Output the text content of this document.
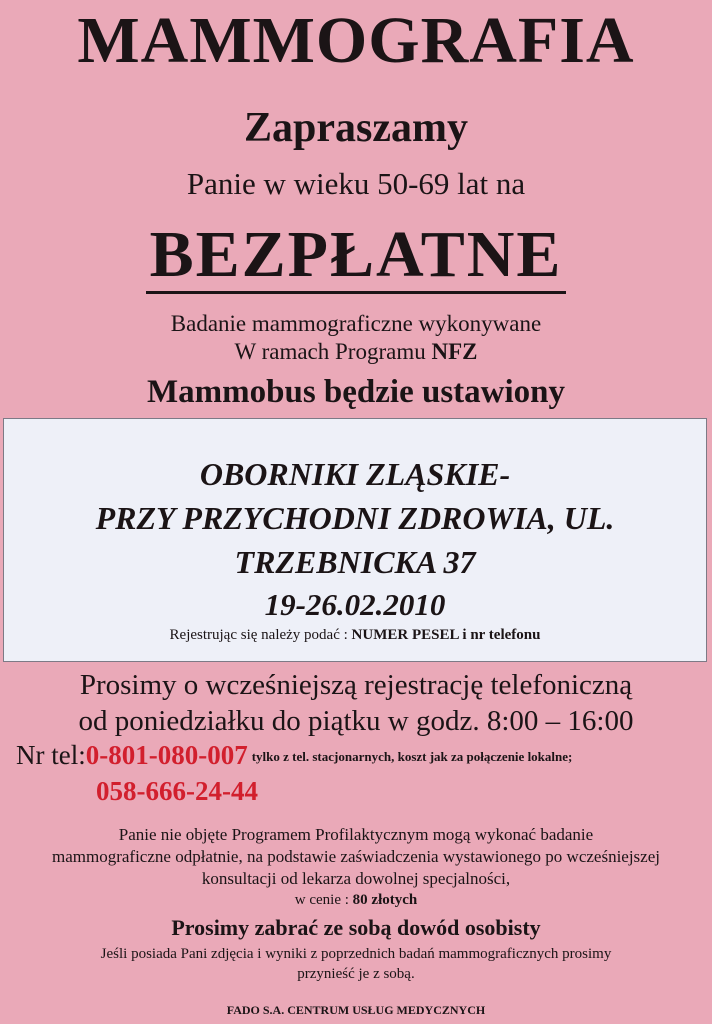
MAMMOGRAFIA
Zapraszamy
Panie w wieku 50-69 lat na
BEZPŁATNE
Badanie mammograficzne wykonywane
W ramach Programu NFZ
Mammobus będzie ustawiony
OBORNIKI ZLĄSKIE-
PRZY PRZYCHODNI ZDROWIA, UL.
TRZEBNICKA 37
19-26.02.2010
Rejestrując się należy podać : NUMER PESEL i nr telefonu
Prosimy o wcześniejszą rejestrację telefoniczną
od poniedziałku do piątku w godz. 8:00 – 16:00
Nr tel:0-801-080-007 tylko z tel. stacjonarnych, koszt jak za połączenie lokalne;
058-666-24-44
Panie nie objęte Programem Profilaktycznym mogą wykonać badanie
mammograficzne odpłatnie, na podstawie zaświadczenia wystawionego po wcześniejszej
konsultacji od lekarza dowolnej specjalności,
w cenie : 80 złotych
Prosimy zabrać ze sobą dowód osobisty
Jeśli posiada Pani zdjęcia i wyniki z poprzednich badań mammograficznych prosimy
przynieść je z sobą.
FADO S.A. CENTRUM USŁUG MEDYCZNYCH
